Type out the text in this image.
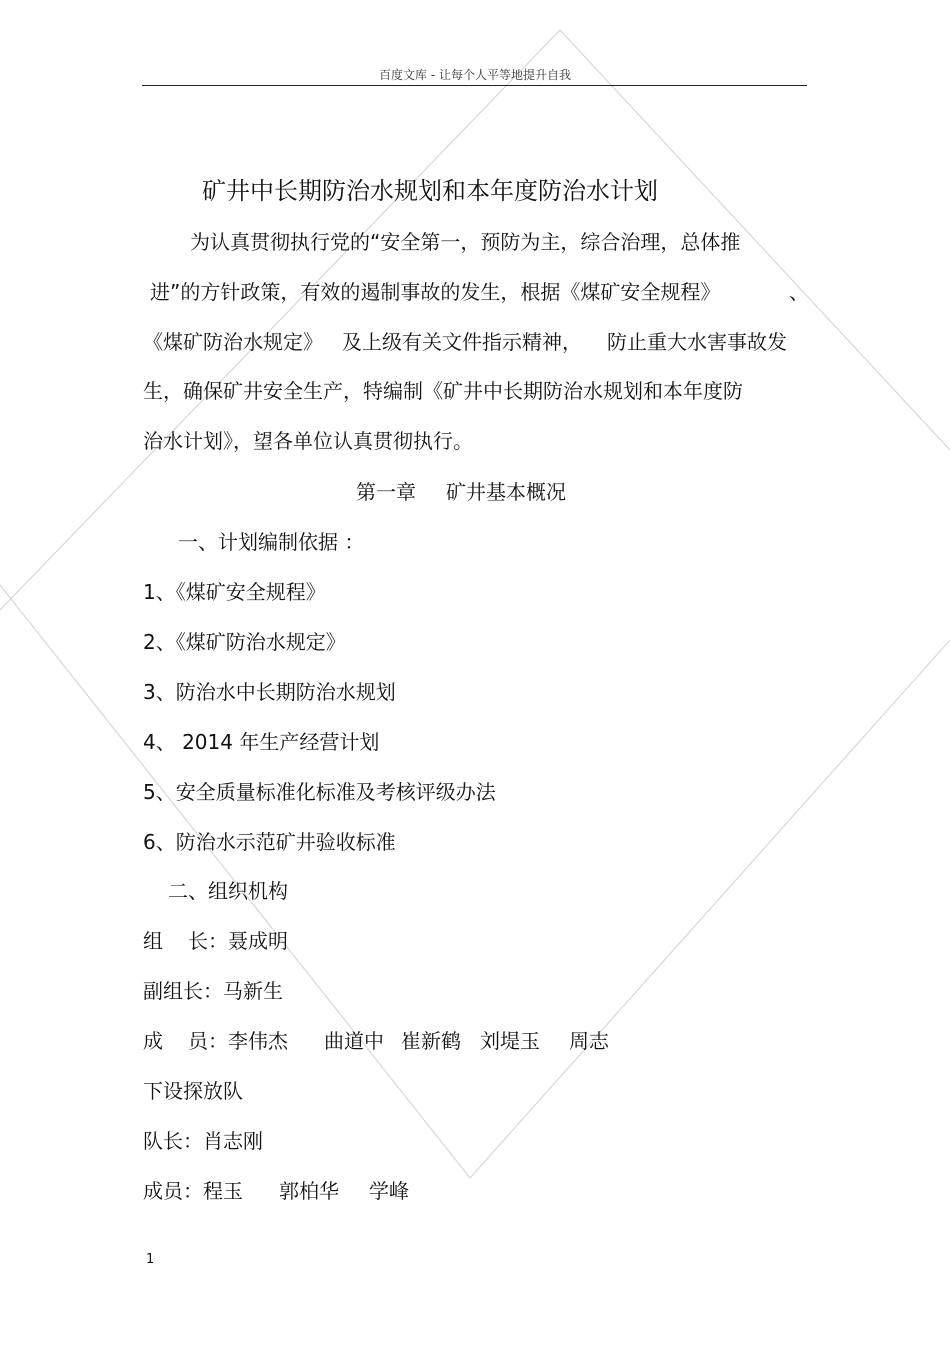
百度文库 - 让每个人平等地提升自我
矿井中长期防治水规划和本年度防治水计划
为认真贯彻执行党的“安全第一，预防为主，综合治理，总体推
进”的方针政策，有效的遏制事故的发生，根据《煤矿安全规程》	、
《煤矿防治水规定》 及上级有关文件指示精神， 防止重大水害事故发
生，确保矿井安全生产，特编制《矿井中长期防治水规划和本年度防
治水计划》，望各单位认真贯彻执行。
第一章 矿井基本概况
一、计划编制依据 ：
1、《煤矿安全规程》
2、《煤矿防治水规定》
3、防治水中长期防治水规划
4、 2014 年生产经营计划
5、安全质量标准化标准及考核评级办法
6、防治水示范矿井验收标准
二、组织机构
组 长：聂成明
副组长：马新生
成 员：李伟杰 曲道中 崔新鹤 刘堤玉 周志
下设探放队
队长：肖志刚
成员：程玉 郭柏华 学峰
1
